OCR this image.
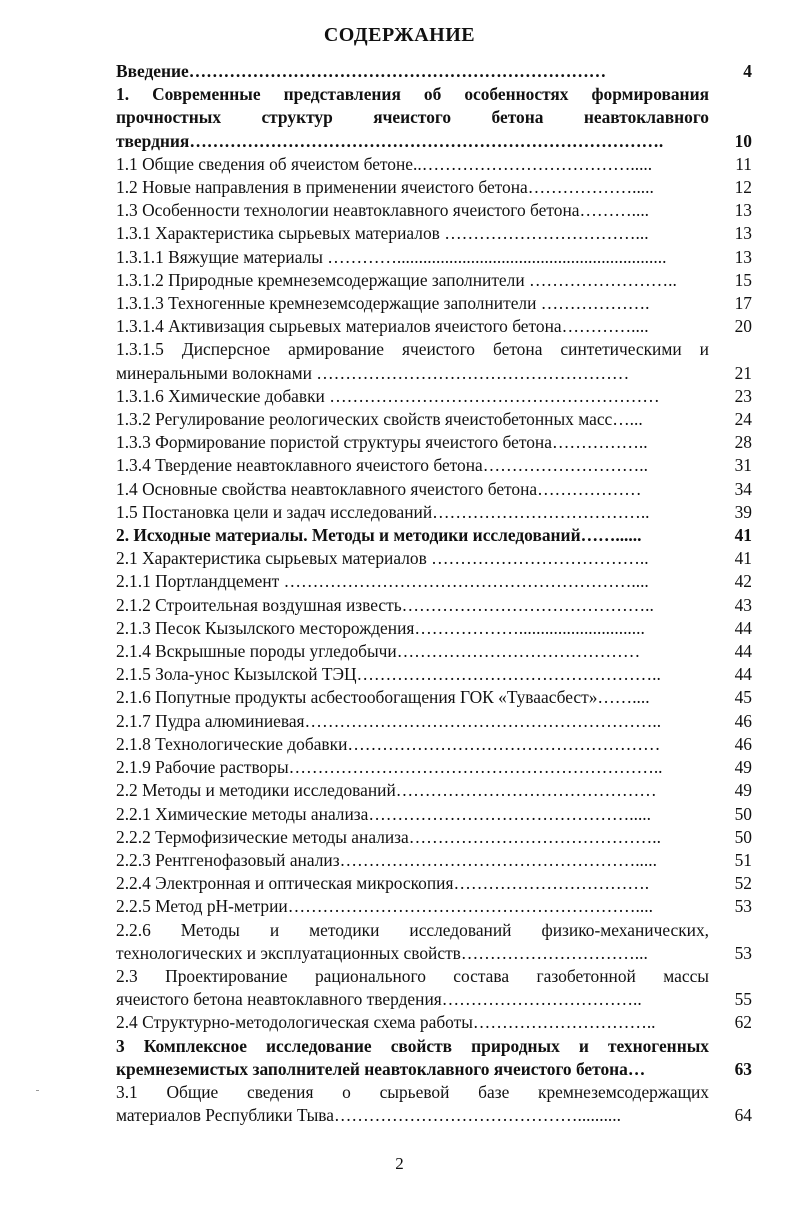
СОДЕРЖАНИЕ
Введение………………………………………………………………	4
1. Современные представления об особенностях формирования
прочностных структур ячеистого бетона неавтоклавного
твердния……………………………………………………………………….	10
1.1 Общие сведения об ячеистом бетоне..……………………………….....	11
1.2 Новые направления в применении ячеистого бетона……………….....	12
1.3 Особенности технологии неавтоклавного ячеистого бетона………....	13
1.3.1 Характеристика сырьевых материалов ……………………………...	13
1.3.1.1 Вяжущие материалы …………..............................................................	13
1.3.1.2 Природные кремнеземсодержащие заполнители ……………………..	15
1.3.1.3 Техногенные кремнеземсодержащие заполнители ……………….	17
1.3.1.4 Активизация сырьевых материалов ячеистого бетона…………....	20
1.3.1.5 Дисперсное армирование ячеистого бетона синтетическими и
минеральными волокнами ………………………………………………	21
1.3.1.6 Химические добавки …………………………………………………	23
1.3.2 Регулирование реологических свойств ячеистобетонных масс…...	24
1.3.3 Формирование пористой структуры ячеистого бетона……………..	28
1.3.4 Твердение неавтоклавного ячеистого бетона………………………..	31
1.4 Основные свойства неавтоклавного ячеистого бетона………………	34
1.5 Постановка цели и задач исследований………………………………..	39
2. Исходные материалы. Методы и методики исследований……......	41
2.1 Характеристика сырьевых материалов ………………………………..	41
2.1.1 Портландцемент ……………………………………………………....	42
2.1.2 Строительная воздушная известь……………………………………..	43
2.1.3 Песок Кызылского месторождения……………….............................	44
2.1.4 Вскрышные породы угледобычи……………………………………	44
2.1.5 Зола-унос Кызылской ТЭЦ……………………………………………..	44
2.1.6 Попутные продукты асбестообогащения ГОК «Туваасбест»……....	45
2.1.7 Пудра алюминиевая……………………………………………………..	46
2.1.8 Технологические добавки………………………………………………	46
2.1.9 Рабочие растворы………………………………………………………..	49
2.2 Методы и методики исследований………………………………………	49
2.2.1 Химические методы анализа……………………………………….....	50
2.2.2 Термофизические методы анализа……………………………………..	50
2.2.3 Рентгенофазовый анализ…………………………………………….....	51
2.2.4 Электронная и оптическая микроскопия…………………………….	52
2.2.5 Метод рН-метрии……………………………………………………....	53
2.2.6 Методы и методики исследований физико-механических,
технологических и эксплуатационных свойств…………………………...	53
2.3 Проектирование рационального состава газобетонной массы
ячеистого бетона неавтоклавного твердения……………………………..	55
2.4 Структурно-методологическая схема работы…………………………..	62
3 Комплексное исследование свойств природных и техногенных
кремнеземистых заполнителей неавтоклавного ячеистого бетона…	63
3.1 Общие сведения о сырьевой базе кремнеземсодержащих
материалов Республики Тыва……………………………………..........	64
2
